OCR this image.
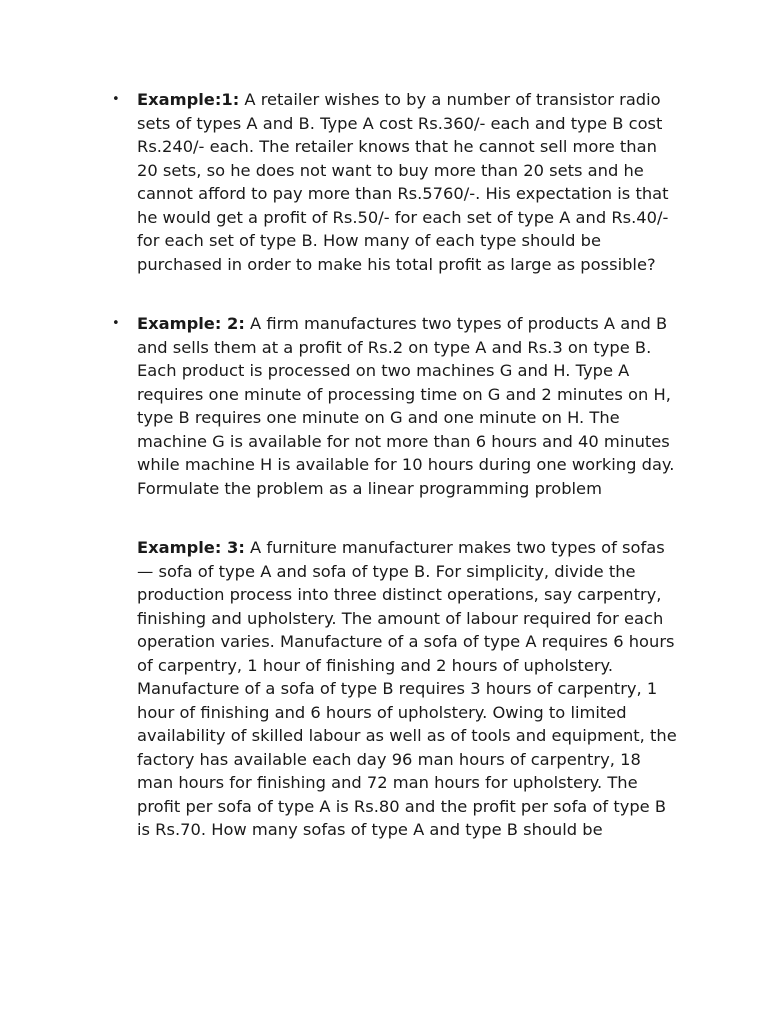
• Example:1: A retailer wishes to by a number of transistor radio sets of types A and B. Type A cost Rs.360/- each and type B cost Rs.240/- each. The retailer knows that he cannot sell more than 20 sets, so he does not want to buy more than 20 sets and he cannot afford to pay more than Rs.5760/-. His expectation is that he would get a profit of Rs.50/- for each set of type A and Rs.40/- for each set of type B. How many of each type should be purchased in order to make his total profit as large as possible?

• Example: 2: A firm manufactures two types of products A and B and sells them at a profit of Rs.2 on type A and Rs.3 on type B. Each product is processed on two machines G and H. Type A requires one minute of processing time on G and 2 minutes on H, type B requires one minute on G and one minute on H. The machine G is available for not more than 6 hours and 40 minutes while machine H is available for 10 hours during one working day. Formulate the problem as a linear programming problem

Example: 3: A furniture manufacturer makes two types of sofas — sofa of type A and sofa of type B. For simplicity, divide the production process into three distinct operations, say carpentry, finishing and upholstery. The amount of labour required for each operation varies. Manufacture of a sofa of type A requires 6 hours of carpentry, 1 hour of finishing and 2 hours of upholstery. Manufacture of a sofa of type B requires 3 hours of carpentry, 1 hour of finishing and 6 hours of upholstery. Owing to limited availability of skilled labour as well as of tools and equipment, the factory has available each day 96 man hours of carpentry, 18 man hours for finishing and 72 man hours for upholstery. The profit per sofa of type A is Rs.80 and the profit per sofa of type B is Rs.70. How many sofas of type A and type B should be
